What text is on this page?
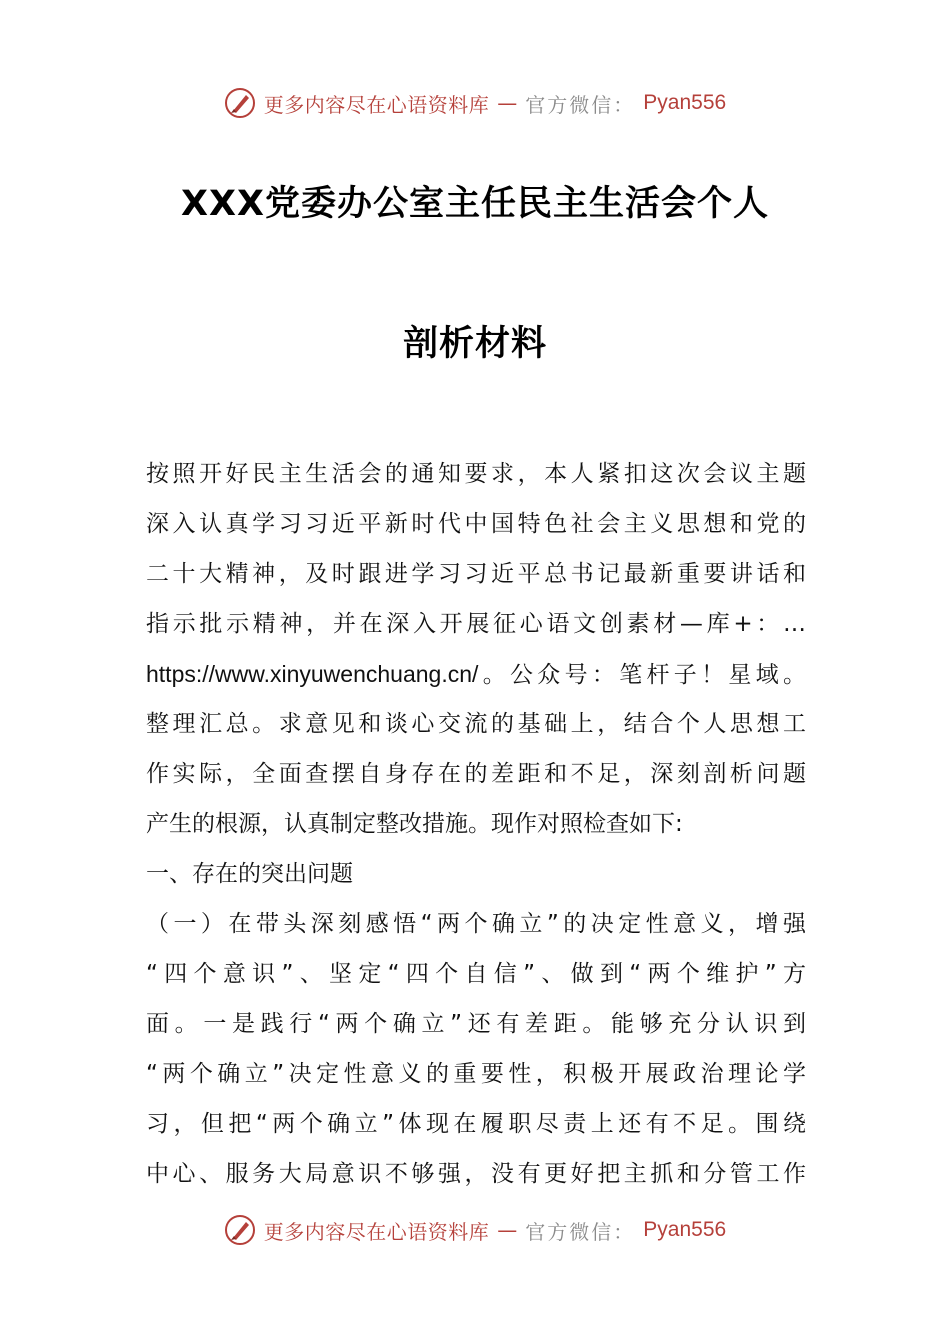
更多内容尽在心语资料库 — 官方微信： Pyan556
XXX党委办公室主任民主生活会个人
剖析材料
按照开好民主生活会的通知要求，本人紧扣这次会议主题
深入认真学习习近平新时代中国特色社会主义思想和党的
二十大精神，及时跟进学习习近平总书记最新重要讲话和
指示批示精神，并在深入开展征心语文创素材—库+：…
https://www.xinyuwenchuang.cn/。公众号：笔杆子！星域。
整理汇总。求意见和谈心交流的基础上，结合个人思想工
作实际，全面查摆自身存在的差距和不足，深刻剖析问题
产生的根源，认真制定整改措施。现作对照检查如下:
一、存在的突出问题
（一）在带头深刻感悟“两个确立”的决定性意义，增强
“四个意识”、坚定“四个自信”、做到“两个维护”方
面。一是践行“两个确立”还有差距。能够充分认识到
“两个确立”决定性意义的重要性，积极开展政治理论学
习，但把“两个确立”体现在履职尽责上还有不足。围绕
中心、服务大局意识不够强，没有更好把主抓和分管工作
更多内容尽在心语资料库 — 官方微信： Pyan556
